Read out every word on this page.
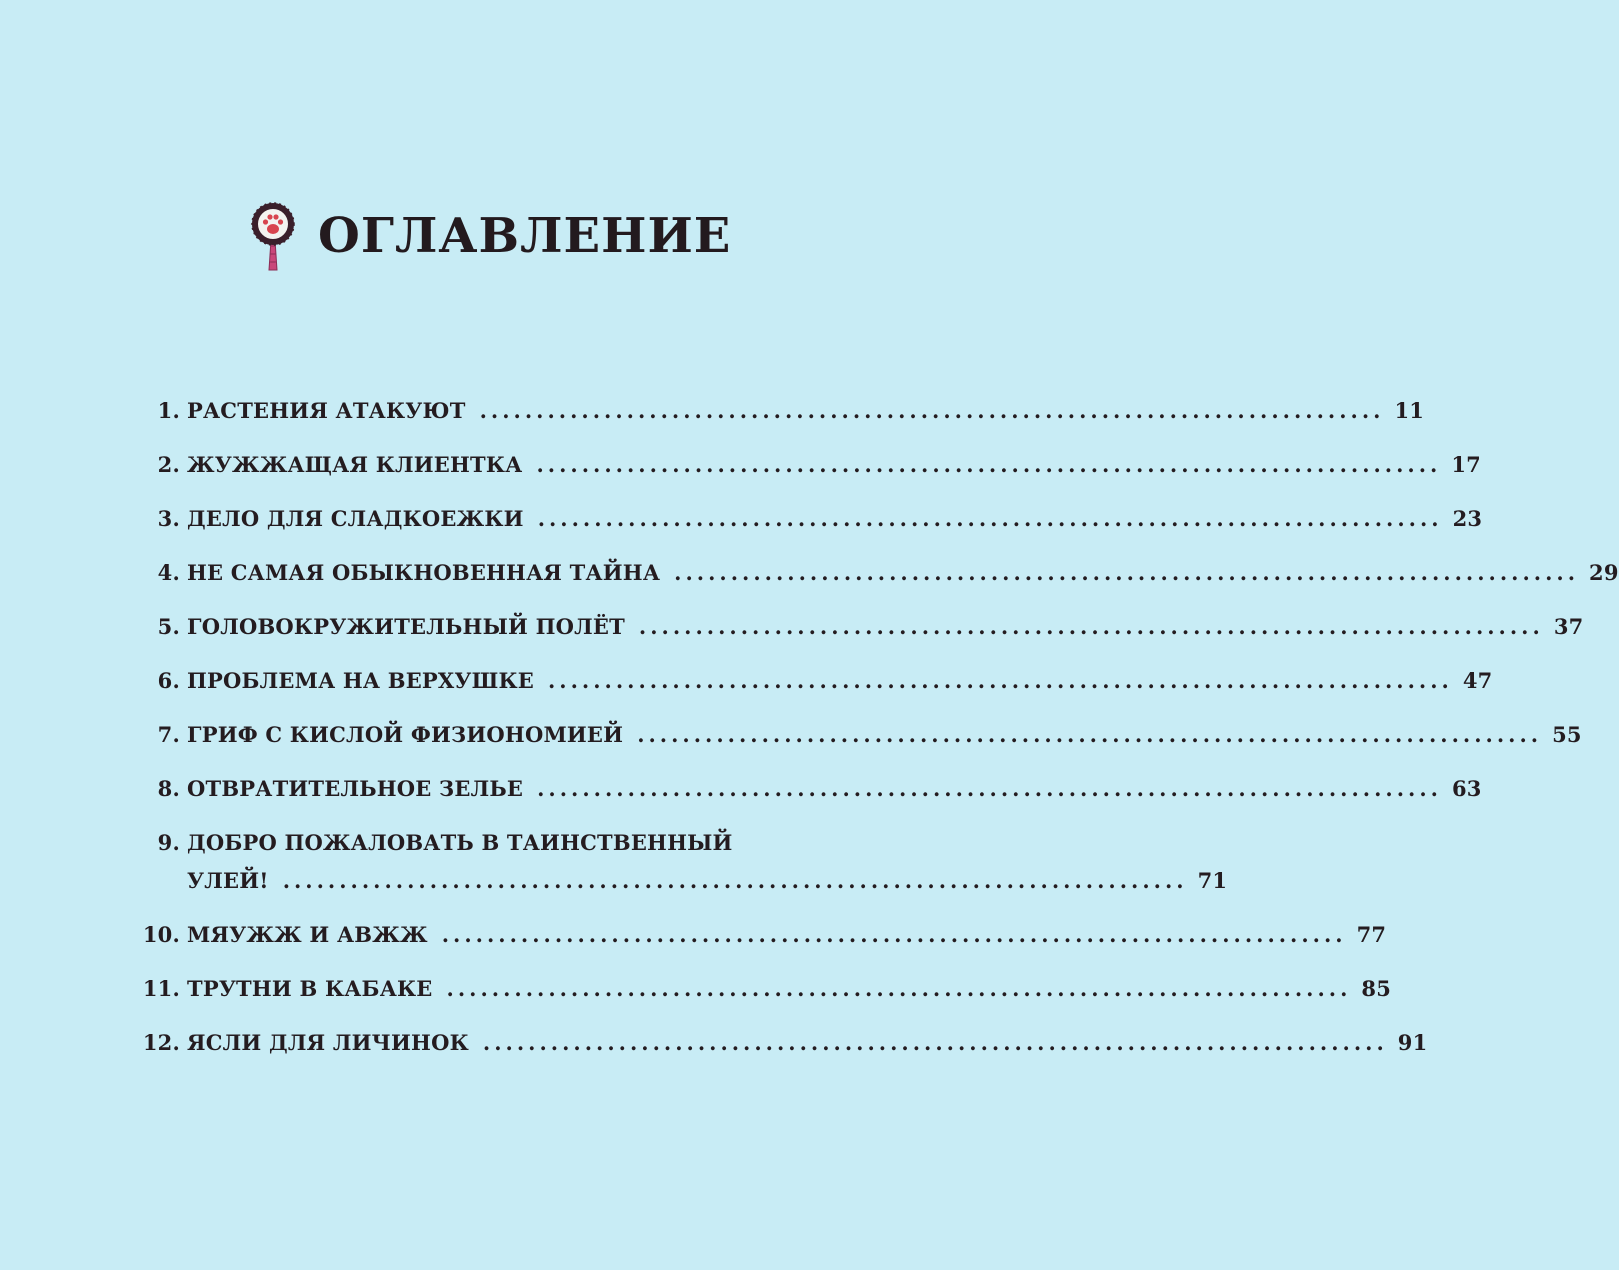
ОГЛАВЛЕНИЕ
1. РАСТЕНИЯ АТАКУЮТ ................................................................................ 11
2. ЖУЖЖАЩАЯ КЛИЕНТКА ................................................................................ 17
3. ДЕЛО ДЛЯ СЛАДКОЕЖКИ ................................................................................ 23
4. НЕ САМАЯ ОБЫКНОВЕННАЯ ТАЙНА ................................................................................ 29
5. ГОЛОВОКРУЖИТЕЛЬНЫЙ ПОЛЁТ ................................................................................ 37
6. ПРОБЛЕМА НА ВЕРХУШКЕ ................................................................................ 47
7. ГРИФ С КИСЛОЙ ФИЗИОНОМИЕЙ ................................................................................ 55
8. ОТВРАТИТЕЛЬНОЕ ЗЕЛЬЕ ................................................................................ 63
9. ДОБРО ПОЖАЛОВАТЬ В ТАИНСТВЕННЫЙ
УЛЕЙ! ................................................................................ 71
10. МЯУЖЖ И АВЖЖ ................................................................................ 77
11. ТРУТНИ В КАБАКЕ ................................................................................ 85
12. ЯСЛИ ДЛЯ ЛИЧИНОК ................................................................................ 91
